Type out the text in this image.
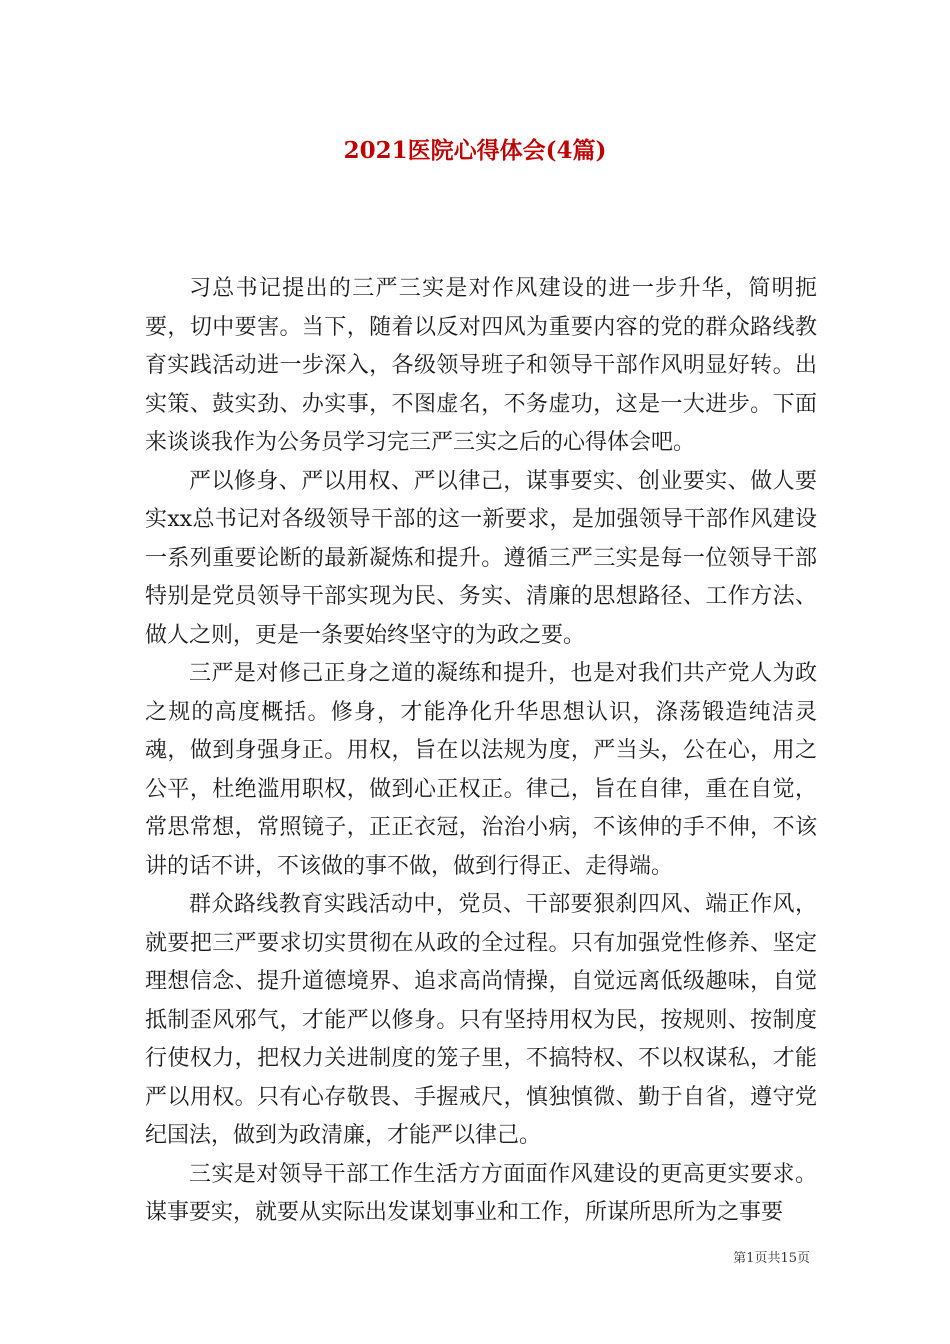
2021医院心得体会(4篇)

习总书记提出的三严三实是对作风建设的进一步升华，简明扼要，切中要害。当下，随着以反对四风为重要内容的党的群众路线教育实践活动进一步深入，各级领导班子和领导干部作风明显好转。出实策、鼓实劲、办实事，不图虚名，不务虚功，这是一大进步。下面来谈谈我作为公务员学习完三严三实之后的心得体会吧。

严以修身、严以用权、严以律己，谋事要实、创业要实、做人要实xx总书记对各级领导干部的这一新要求，是加强领导干部作风建设一系列重要论断的最新凝炼和提升。遵循三严三实是每一位领导干部特别是党员领导干部实现为民、务实、清廉的思想路径、工作方法、做人之则，更是一条要始终坚守的为政之要。

三严是对修己正身之道的凝练和提升，也是对我们共产党人为政之规的高度概括。修身，才能净化升华思想认识，涤荡锻造纯洁灵魂，做到身强身正。用权，旨在以法规为度，严当头，公在心，用之公平，杜绝滥用职权，做到心正权正。律己，旨在自律，重在自觉，常思常想，常照镜子，正正衣冠，治治小病，不该伸的手不伸，不该讲的话不讲，不该做的事不做，做到行得正、走得端。

群众路线教育实践活动中，党员、干部要狠刹四风、端正作风，就要把三严要求切实贯彻在从政的全过程。只有加强党性修养、坚定理想信念、提升道德境界、追求高尚情操，自觉远离低级趣味，自觉抵制歪风邪气，才能严以修身。只有坚持用权为民，按规则、按制度行使权力，把权力关进制度的笼子里，不搞特权、不以权谋私，才能严以用权。只有心存敬畏、手握戒尺，慎独慎微、勤于自省，遵守党纪国法，做到为政清廉，才能严以律己。

三实是对领导干部工作生活方方面面作风建设的更高更实要求。谋事要实，就要从实际出发谋划事业和工作，所谋所思所为之事要

第1页共15页
